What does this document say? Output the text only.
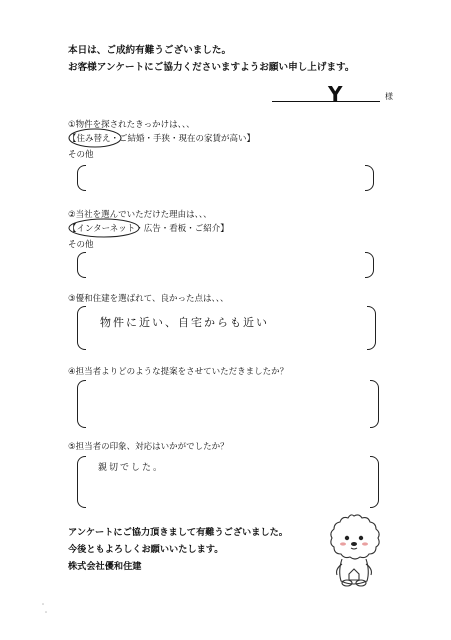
本日は、ご成約有難うございました。
お客様アンケートにご協力くださいますようお願い申し上げます。
Y	様
①物件を探されたきっかけは、、、
【住み替え・ご結婚・手狭・現在の家賃が高い】
その他
②当社を選んでいただけた理由は、、、
【インターネット・広告・看板・ご紹介】
その他
③優和住建を選ばれて、良かった点は、、、
物件に近い、自宅からも近い
④担当者よりどのような提案をさせていただきましたか？
⑤担当者の印象、対応はいかがでしたか？
親切でした。
アンケートにご協力頂きまして有難うございました。
今後ともよろしくお願いいたします。
株式会社優和住建
